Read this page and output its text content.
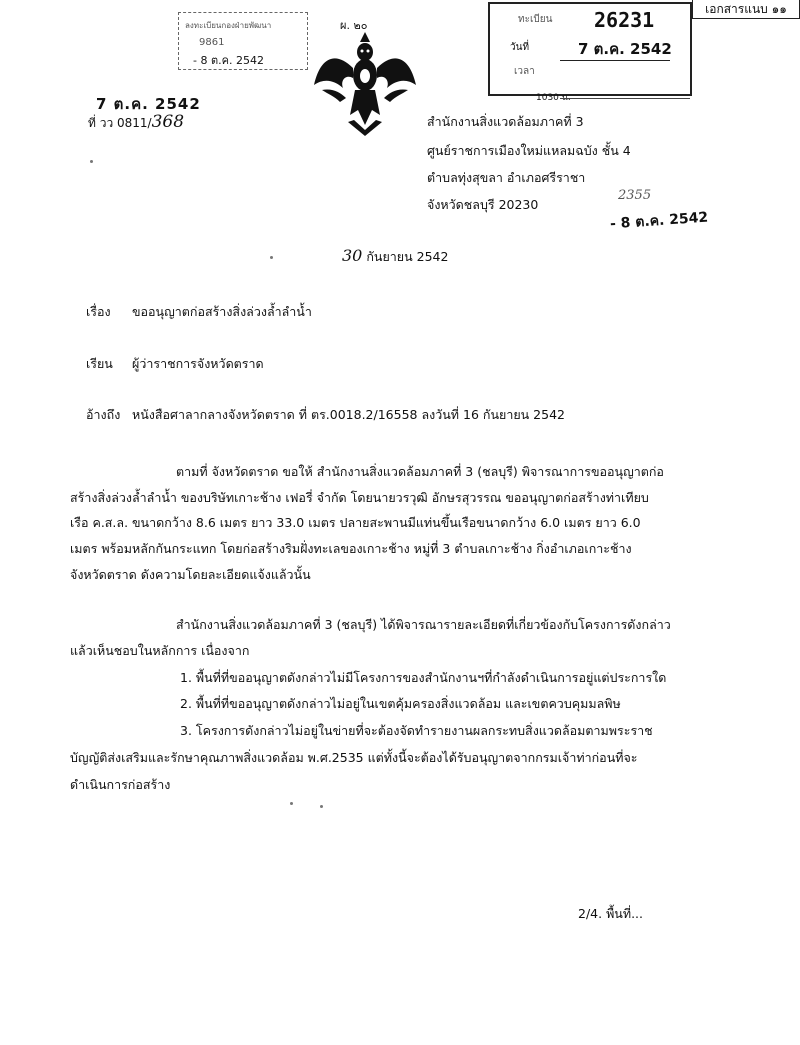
เอกสารแนบ ๑๑
ลงทะเบียนกองฝ่ายพัฒนา
9861
- 8 ต.ค. 2542
ผ. ๒๐	ทะเบียน 26231
วันที่	7 ต.ค. 2542
เวลา
1030 น.
7 ต.ค. 2542
ที่ วว 0811/368	สำนักงานสิ่งแวดล้อมภาคที่ 3
ศูนย์ราชการเมืองใหม่แหลมฉบัง ชั้น 4
ตำบลทุ่งสุขลา อำเภอศรีราชา
จังหวัดชลบุรี 20230
2355
- 8 ต.ค. 2542
30 กันยายน 2542
เรื่อง ขออนุญาตก่อสร้างสิ่งล่วงล้ำลำน้ำ
เรียน ผู้ว่าราชการจังหวัดตราด
อ้างถึง หนังสือศาลากลางจังหวัดตราด ที่ ตร.0018.2/16558 ลงวันที่ 16 กันยายน 2542
ตามที่ จังหวัดตราด ขอให้ สำนักงานสิ่งแวดล้อมภาคที่ 3 (ชลบุรี) พิจารณาการขออนุญาตก่อ
สร้างสิ่งล่วงล้ำลำน้ำ ของบริษัทเกาะช้าง เฟอรี่ จำกัด โดยนายวรวุฒิ อักษรสุวรรณ ขออนุญาตก่อสร้างท่าเทียบ
เรือ ค.ส.ล. ขนาดกว้าง 8.6 เมตร ยาว 33.0 เมตร ปลายสะพานมีแท่นขึ้นเรือขนาดกว้าง 6.0 เมตร ยาว 6.0
เมตร พร้อมหลักกันกระแทก โดยก่อสร้างริมฝั่งทะเลของเกาะช้าง หมู่ที่ 3 ตำบลเกาะช้าง กิ่งอำเภอเกาะช้าง
จังหวัดตราด ดังความโดยละเอียดแจ้งแล้วนั้น
สำนักงานสิ่งแวดล้อมภาคที่ 3 (ชลบุรี) ได้พิจารณารายละเอียดที่เกี่ยวข้องกับโครงการดังกล่าว
แล้วเห็นชอบในหลักการ เนื่องจาก
1. พื้นที่ที่ขออนุญาตดังกล่าวไม่มีโครงการของสำนักงานฯที่กำลังดำเนินการอยู่แต่ประการใด
2. พื้นที่ที่ขออนุญาตดังกล่าวไม่อยู่ในเขตคุ้มครองสิ่งแวดล้อม และเขตควบคุมมลพิษ
3. โครงการดังกล่าวไม่อยู่ในข่ายที่จะต้องจัดทำรายงานผลกระทบสิ่งแวดล้อมตามพระราช
บัญญัติส่งเสริมและรักษาคุณภาพสิ่งแวดล้อม พ.ศ.2535 แต่ทั้งนี้จะต้องได้รับอนุญาตจากกรมเจ้าท่าก่อนที่จะ
ดำเนินการก่อสร้าง
2/4. พื้นที่...
